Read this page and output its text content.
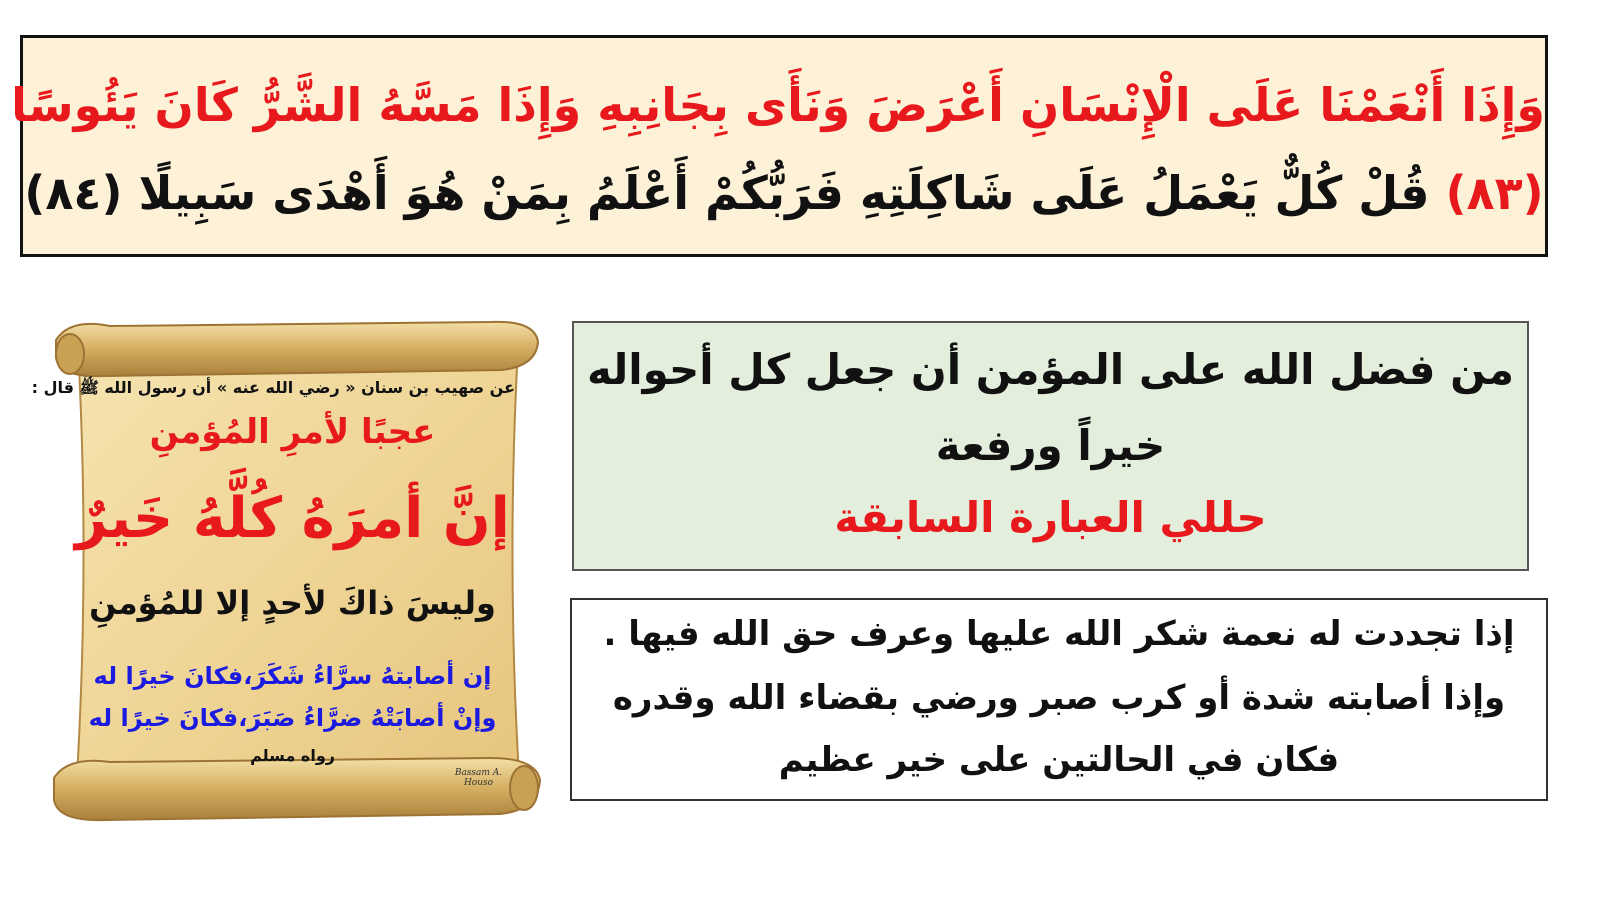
وَإِذَا أَنْعَمْنَا عَلَى الْإِنْسَانِ أَعْرَضَ وَنَأَى بِجَانِبِهِ وَإِذَا مَسَّهُ الشَّرُّ كَانَ يَئُوسًا
(٨٣) قُلْ كُلٌّ يَعْمَلُ عَلَى شَاكِلَتِهِ فَرَبُّكُمْ أَعْلَمُ بِمَنْ هُوَ أَهْدَى سَبِيلًا (٨٤)
عن صهيب بن سنان « رضي الله عنه » أن رسول الله ﷺ قال :
عجبًا لأمرِ المُؤمنِ
إنَّ أمرَهُ كُلَّهُ خَيرٌ
وليسَ ذاكَ لأحدٍ إلا للمُؤمنِ
إن أصابتهُ سرَّاءُ شَكَرَ،فكانَ خيرًا له
وإنْ أصابَتْهُ ضرَّاءُ صَبَرَ،فكانَ خيرًا له
رواه مسلم
Bassam A. Houso
من فضل الله على المؤمن أن جعل كل أحواله
خيراً ورفعة
حللي العبارة السابقة
إذا تجددت له نعمة شكر الله عليها وعرف حق الله فيها .
وإذا أصابته شدة أو كرب صبر ورضي بقضاء الله وقدره
فكان في الحالتين على خير عظيم
